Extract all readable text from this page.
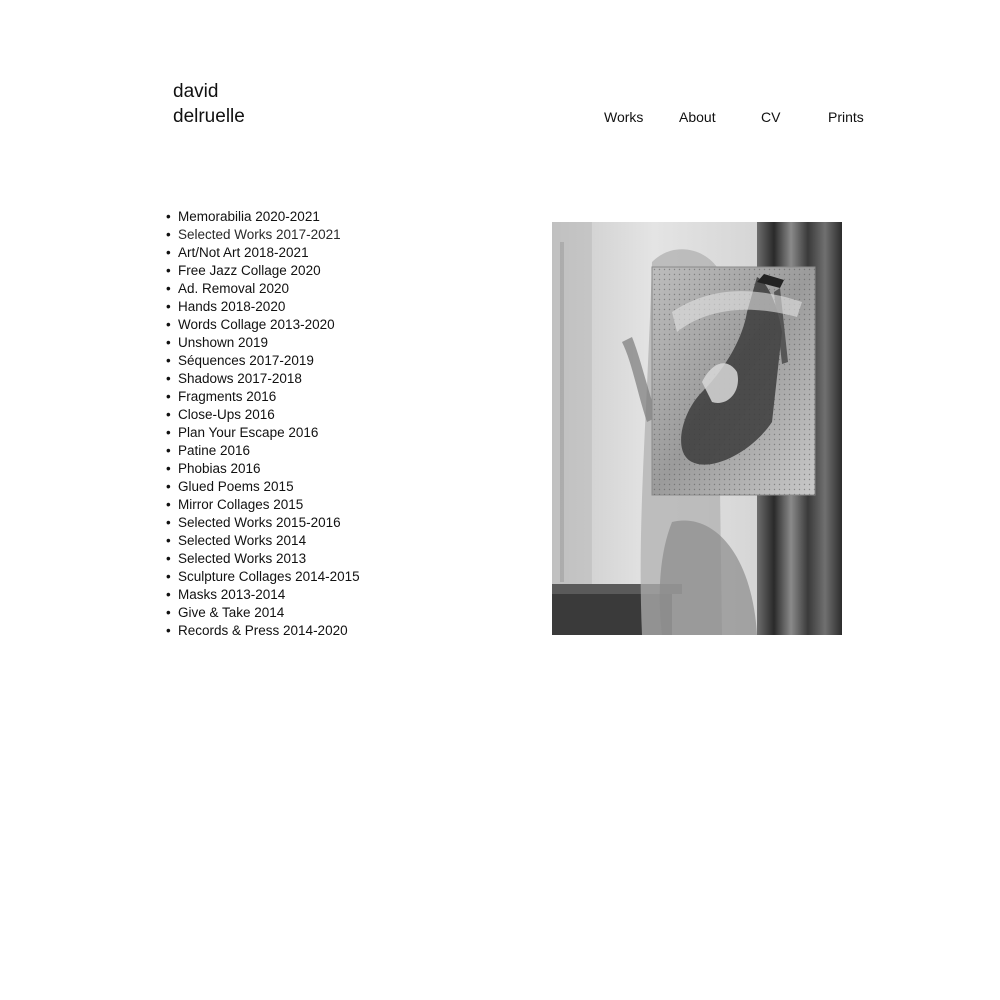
david
delruelle	Works	About	CV	Prints
• Memorabilia 2020-2021
• Selected Works 2017-2021
• Art/Not Art 2018-2021
• Free Jazz Collage 2020
• Ad. Removal 2020
• Hands 2018-2020
• Words Collage 2013-2020
• Unshown 2019
• Séquences 2017-2019
• Shadows 2017-2018
• Fragments 2016
• Close-Ups 2016
• Plan Your Escape 2016
• Patine 2016
• Phobias 2016
• Glued Poems 2015
• Mirror Collages 2015
• Selected Works 2015-2016
• Selected Works 2014
• Selected Works 2013
• Sculpture Collages 2014-2015
• Masks 2013-2014
• Give & Take 2014
• Records & Press 2014-2020
